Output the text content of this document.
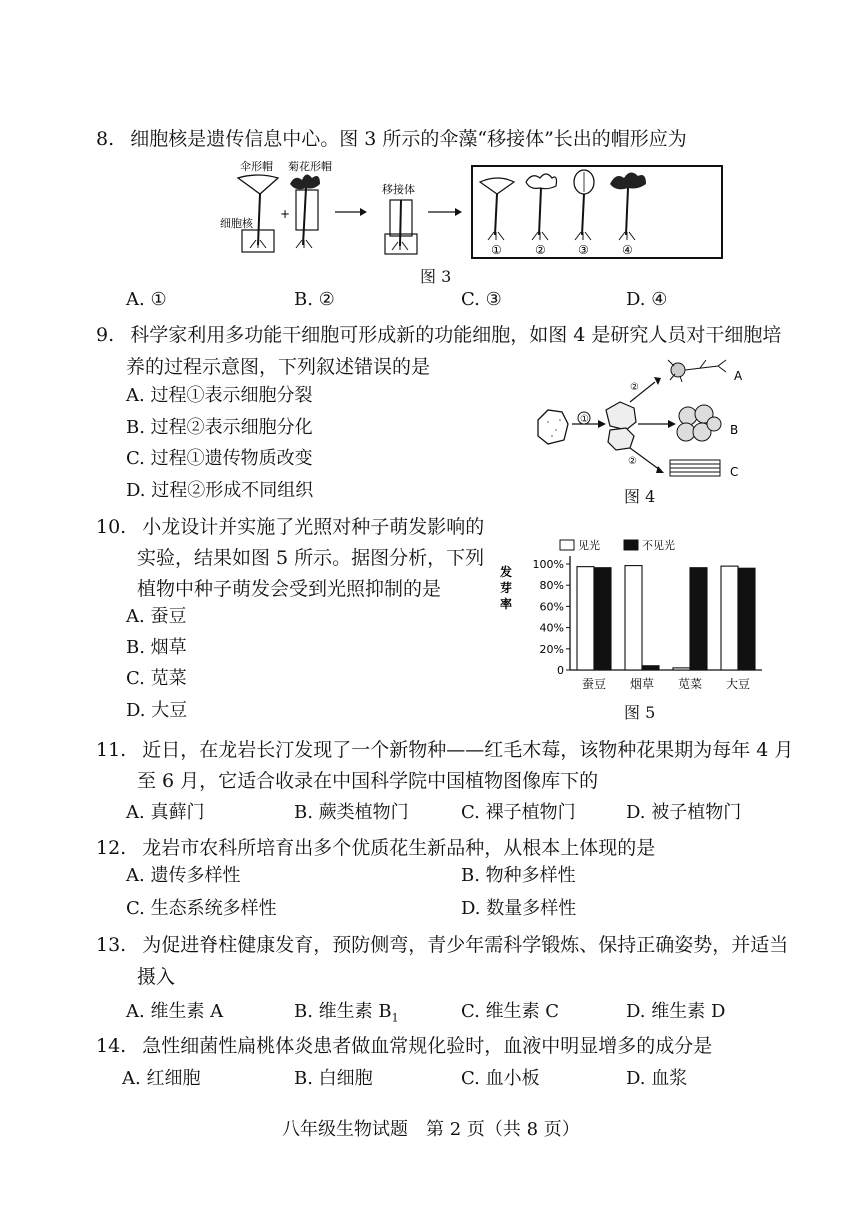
8. 细胞核是遗传信息中心。图 3 所示的伞藻“移接体”长出的帽形应为
伞形帽 菊花形帽
细胞核
+
移接体
①	②	③	④
图 3
A. ①	B. ②	C. ③	D. ④
9. 科学家利用多功能干细胞可形成新的功能细胞，如图 4 是研究人员对干细胞培
养的过程示意图，下列叙述错误的是
A. 过程①表示细胞分裂
B. 过程②表示细胞分化
C. 过程①遗传物质改变
D. 过程②形成不同组织
①
②
②
A
B
C
图 4
10. 小龙设计并实施了光照对种子萌发影响的
实验，结果如图 5 所示。据图分析，下列
植物中种子萌发会受到光照抑制的是
A. 蚕豆
B. 烟草
C. 苋菜
D. 大豆
发芽率
见光	不见光
0
20%
40%
60%
80%
100%
蚕豆 烟草 苋菜 大豆
图 5
11. 近日，在龙岩长汀发现了一个新物种——红毛木莓，该物种花果期为每年 4 月
至 6 月，它适合收录在中国科学院中国植物图像库下的
A. 真藓门	B. 蕨类植物门	C. 裸子植物门	D. 被子植物门
12. 龙岩市农科所培育出多个优质花生新品种，从根本上体现的是
A. 遗传多样性	B. 物种多样性
C. 生态系统多样性	D. 数量多样性
13. 为促进脊柱健康发育，预防侧弯，青少年需科学锻炼、保持正确姿势，并适当
摄入
A. 维生素 A	B. 维生素 $B_1$	C. 维生素 C	D. 维生素 D
14. 急性细菌性扁桃体炎患者做血常规化验时，血液中明显增多的成分是
A. 红细胞	B. 白细胞	C. 血小板	D. 血浆
八年级生物试题　第 2 页（共 8 页）
